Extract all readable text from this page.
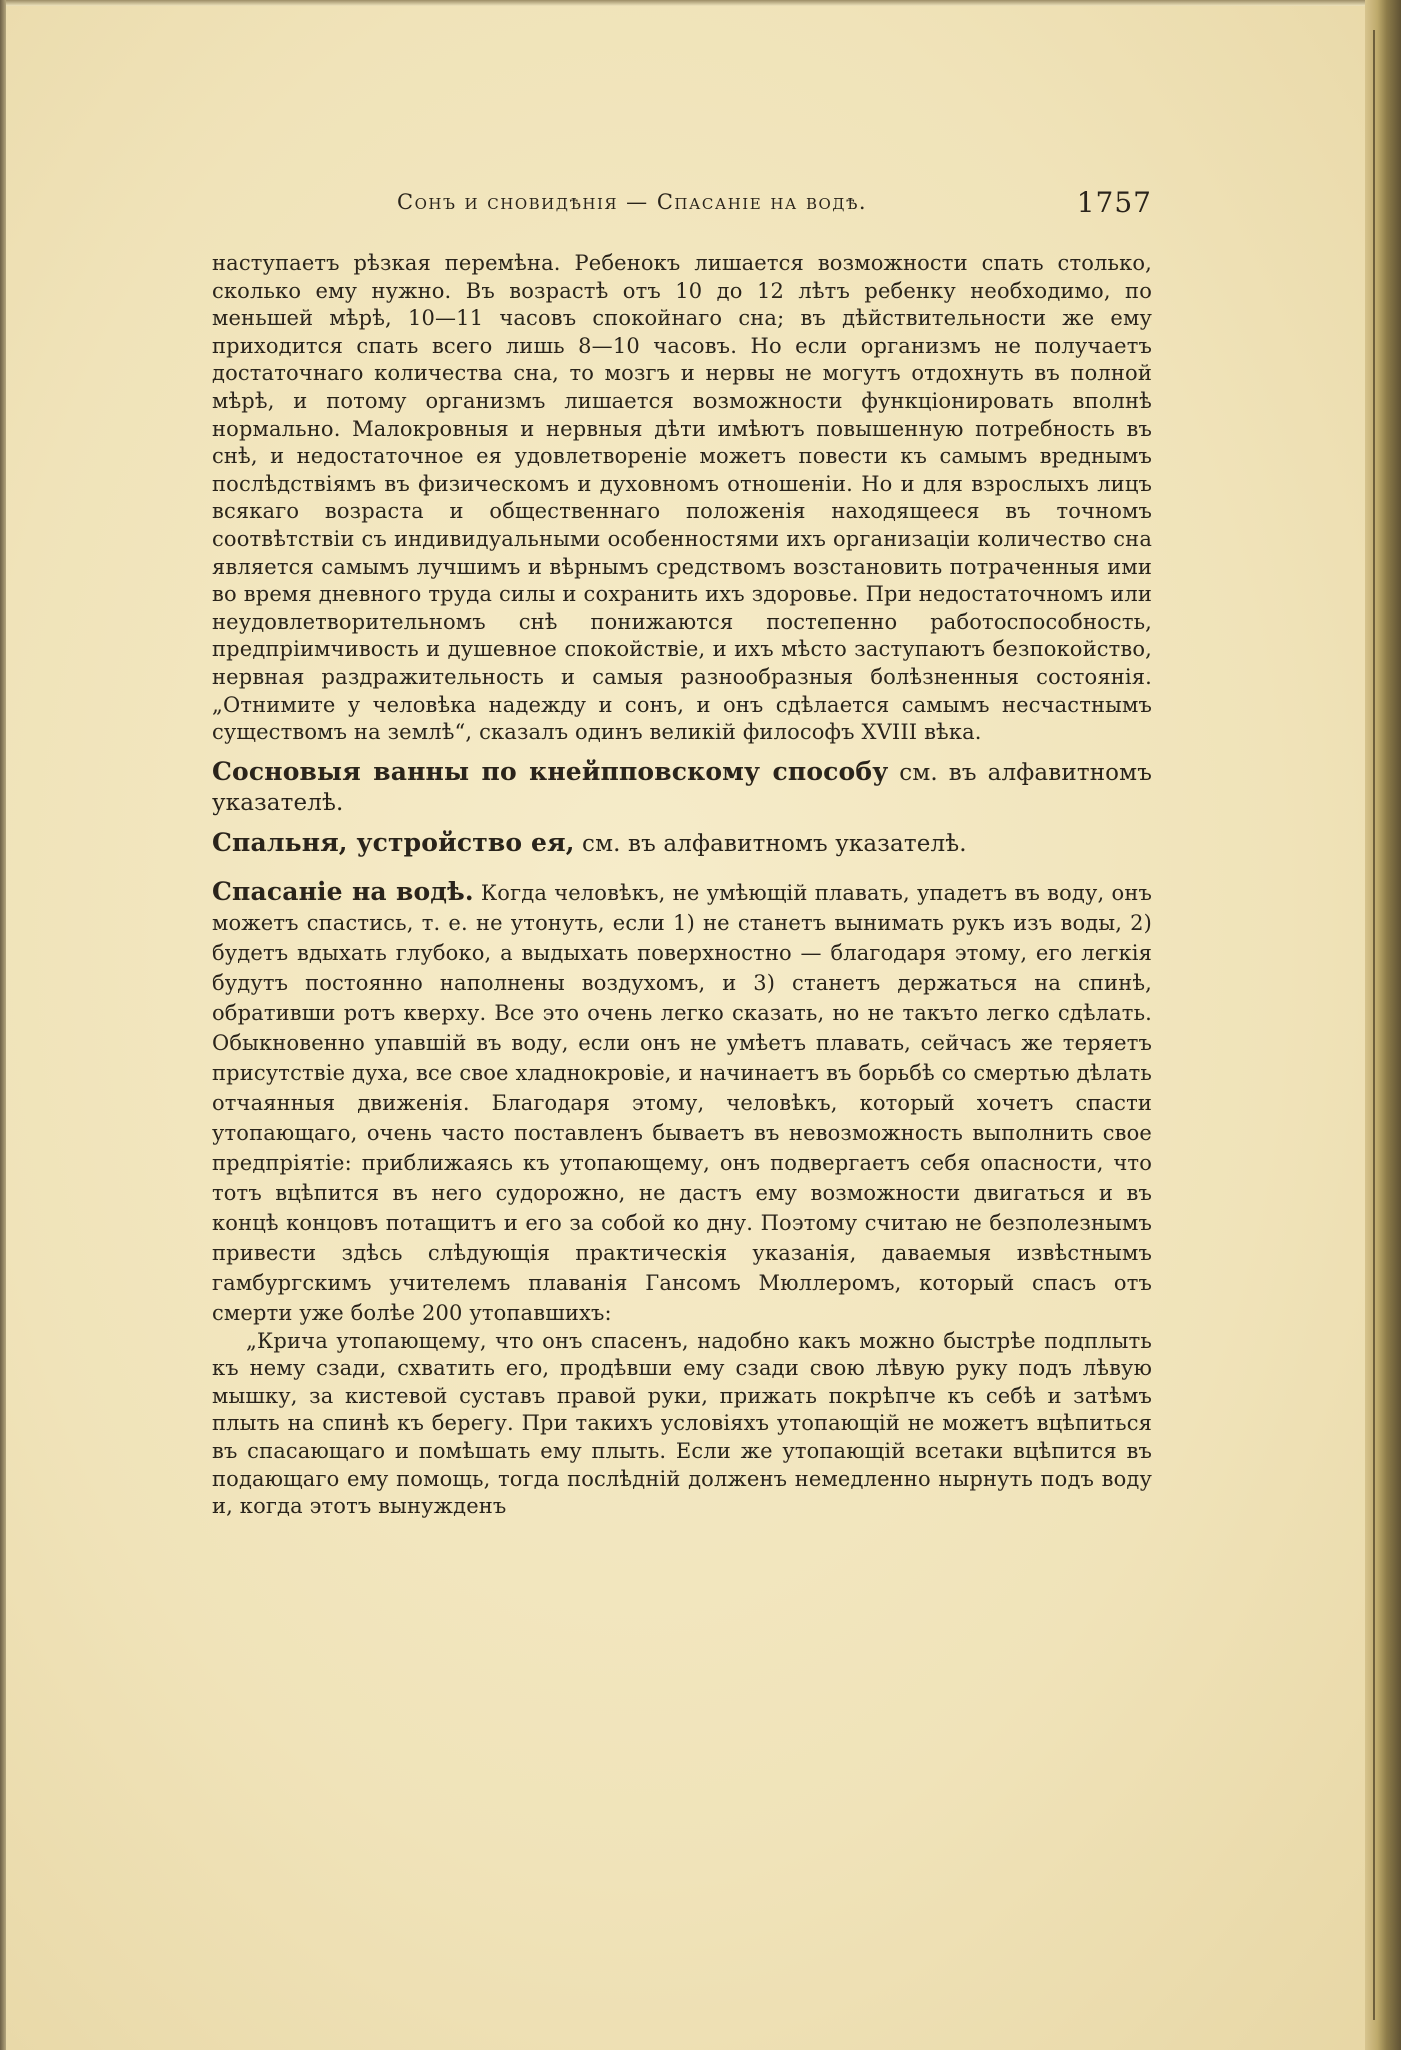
Сонъ и сновидѣнія — Спасаніе на водѣ.	1757

наступаетъ рѣзкая перемѣна. Ребенокъ лишается возможности спать столько, сколько ему нужно. Въ возрастѣ отъ 10 до 12 лѣтъ ребенку необходимо, по меньшей мѣрѣ, 10—11 часовъ спокойнаго сна; въ дѣйствительности же ему приходится спать всего лишь 8—10 часовъ. Но если организмъ не получаетъ достаточнаго количества сна, то мозгъ и нервы не могутъ отдохнуть въ полной мѣрѣ, и потому организмъ лишается возможности функціонировать вполнѣ нормально. Малокровныя и нервныя дѣти имѣютъ повышенную потребность въ снѣ, и недостаточное ея удовлетвореніе можетъ повести къ самымъ вреднымъ послѣдствіямъ въ физическомъ и духовномъ отношеніи. Но и для взрослыхъ лицъ всякаго возраста и общественнаго положенія находящееся въ точномъ соотвѣтствіи съ индивидуальными особенностями ихъ организаціи количество сна является самымъ лучшимъ и вѣрнымъ средствомъ возстановить потраченныя ими во время дневного труда силы и сохранить ихъ здоровье. При недостаточномъ или неудовлетворительномъ снѣ понижаются постепенно работоспособность, предпріимчивость и душевное спокойствіе, и ихъ мѣсто заступаютъ безпокойство, нервная раздражительность и самыя разнообразныя болѣзненныя состоянія. „Отнимите у человѣка надежду и сонъ, и онъ сдѣлается самымъ несчастнымъ существомъ на землѣ“, сказалъ одинъ великій философъ XVIII вѣка.

Сосновыя ванны по кнейпповскому способу см. въ алфавитномъ указателѣ.

Спальня, устройство ея, см. въ алфавитномъ указателѣ.

Спасаніе на водѣ. Когда человѣкъ, не умѣющій плавать, упадетъ въ воду, онъ можетъ спастись, т. е. не утонуть, если 1) не станетъ вынимать рукъ изъ воды, 2) будетъ вдыхать глубоко, а выдыхать поверхностно — благодаря этому, его легкія будутъ постоянно наполнены воздухомъ, и 3) станетъ держаться на спинѣ, обративши ротъ кверху. Все это очень легко сказать, но не такъто легко сдѣлать. Обыкновенно упавшій въ воду, если онъ не умѣетъ плавать, сейчасъ же теряетъ присутствіе духа, все свое хладнокровіе, и начинаетъ въ борьбѣ со смертью дѣлать отчаянныя движенія. Благодаря этому, человѣкъ, который хочетъ спасти утопающаго, очень часто поставленъ бываетъ въ невозможность выполнить свое предпріятіе: приближаясь къ утопающему, онъ подвергаетъ себя опасности, что тотъ вцѣпится въ него судорожно, не дастъ ему возможности двигаться и въ концѣ концовъ потащитъ и его за собой ко дну. Поэтому считаю не безполезнымъ привести здѣсь слѣдующія практическія указанія, даваемыя извѣстнымъ гамбургскимъ учителемъ плаванія Гансомъ Мюллеромъ, который спасъ отъ смерти уже болѣе 200 утопавшихъ:

„Крича утопающему, что онъ спасенъ, надобно какъ можно быстрѣе подплыть къ нему сзади, схватить его, продѣвши ему сзади свою лѣвую руку подъ лѣвую мышку, за кистевой суставъ правой руки, прижать покрѣпче къ себѣ и затѣмъ плыть на спинѣ къ берегу. При такихъ условіяхъ утопающій не можетъ вцѣпиться въ спасающаго и помѣшать ему плыть. Если же утопающій всетаки вцѣпится въ подающаго ему помощь, тогда послѣдній долженъ немедленно нырнуть подъ воду и, когда этотъ вынужденъ
